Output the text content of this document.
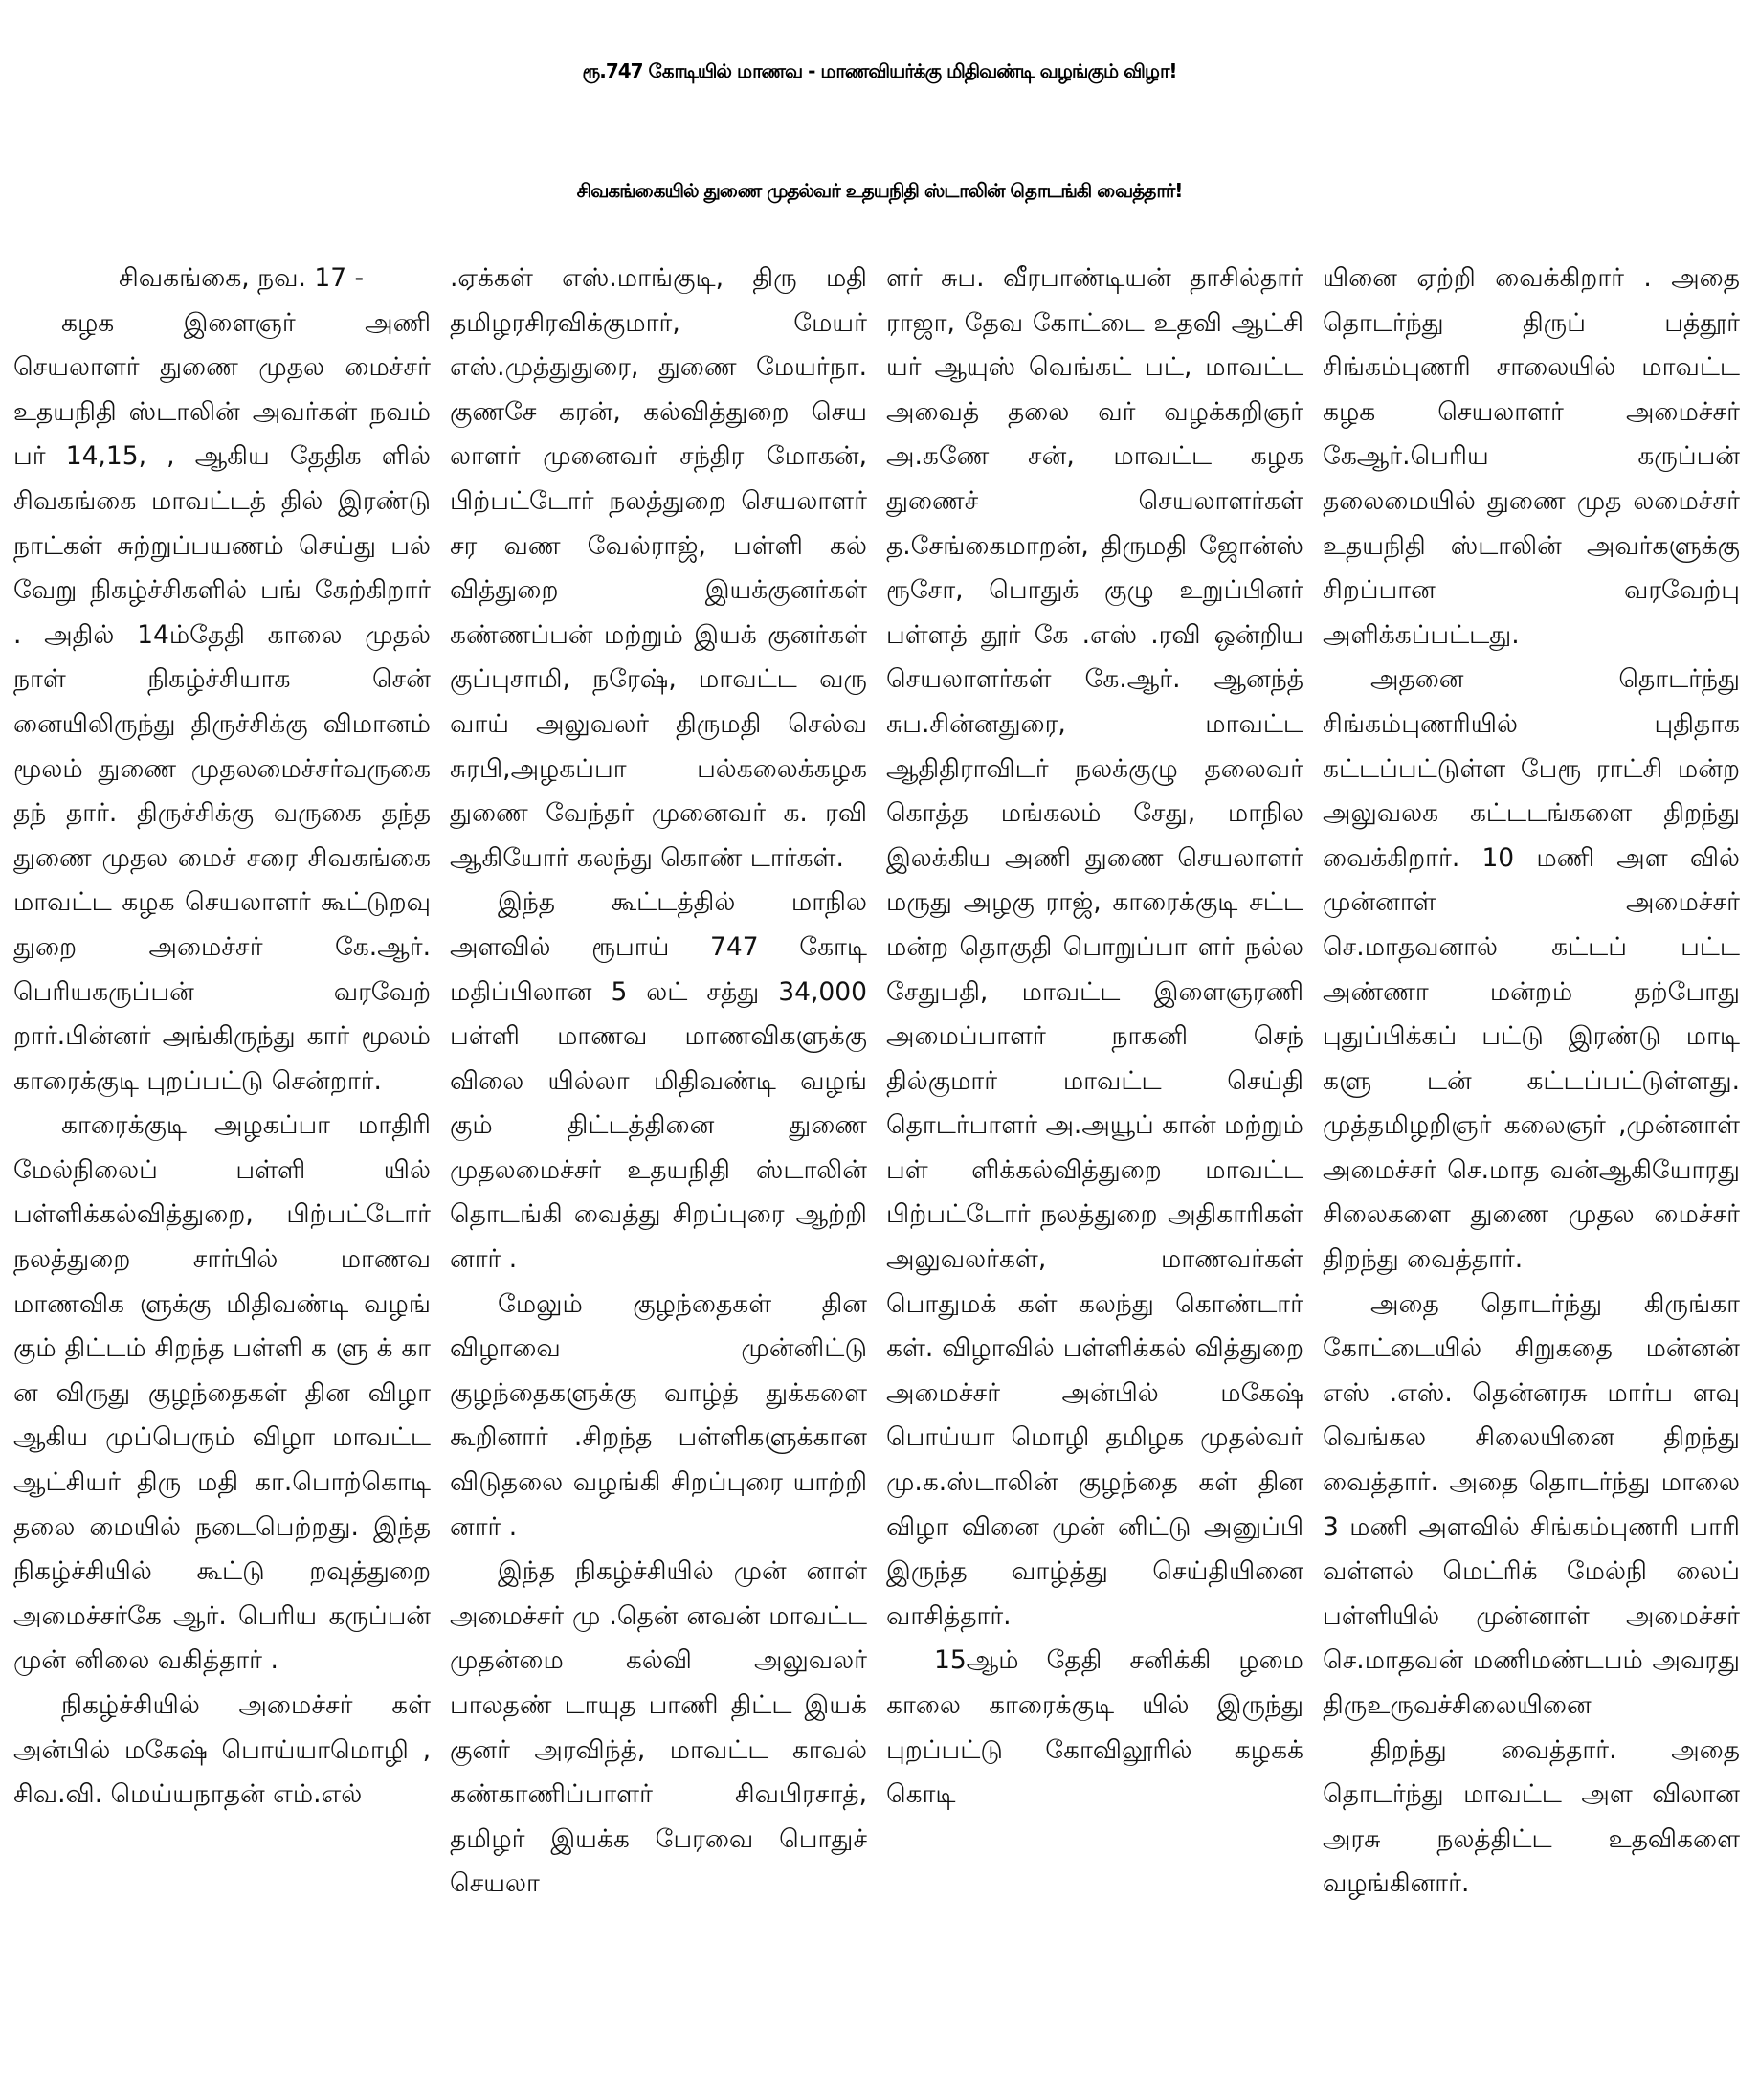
ரூ.747 கோடியில் மாணவ - மாணவியர்க்கு மிதிவண்டி வழங்கும் விழா!
சிவகங்கையில் துணை முதல்வர் உதயநிதி ஸ்டாலின் தொடங்கி வைத்தார்!

சிவகங்கை, நவ. 17 -

கழக இளைஞர் அணி செயலாளர் துணை முதல மைச்சர் உதயநிதி ஸ்டாலின் அவர்கள் நவம் பர் 14,15, , ஆகிய தேதிக ளில் சிவகங்கை மாவட்டத் தில் இரண்டு நாட்கள் சுற்றுப்பயணம் செய்து பல் வேறு நிகழ்ச்சிகளில் பங் கேற்கிறார் . அதில் 14ம்தேதி காலை முதல் நாள் நிகழ்ச்சியாக சென் னையிலிருந்து திருச்சிக்கு விமானம் மூலம் துணை முதலமைச்சர்வருகை தந் தார். திருச்சிக்கு வருகை தந்த துணை முதல மைச் சரை சிவகங்கை மாவட்ட கழக செயலாளர் கூட்டுறவு துறை அமைச்சர் கே.ஆர். பெரியகருப்பன் வரவேற் றார்.பின்னர் அங்கிருந்து கார் மூலம் காரைக்குடி புறப்பட்டு சென்றார்.

காரைக்குடி அழகப்பா மாதிரி மேல்நிலைப் பள்ளி யில் பள்ளிக்கல்வித்துறை, பிற்பட்டோர் நலத்துறை சார்பில் மாணவ மாணவிக ளுக்கு மிதிவண்டி வழங் கும் திட்டம் சிறந்த பள்ளி க ளு க் கா ன விருது குழந்தைகள் தின விழா ஆகிய முப்பெரும் விழா மாவட்ட ஆட்சியர் திரு மதி கா.பொற்கொடி தலை மையில் நடைபெற்றது. இந்த நிகழ்ச்சியில் கூட்டு றவுத்துறை அமைச்சர்கே ஆர். பெரிய கருப்பன் முன் னிலை வகித்தார் .

நிகழ்ச்சியில் அமைச்சர் கள் அன்பில் மகேஷ் பொய்யாமொழி , சிவ.வி. மெய்யநாதன் எம்.எல்

.ஏக்கள் எஸ்.மாங்குடி, திரு மதி தமிழரசிரவிக்குமார், மேயர் எஸ்.முத்துதுரை, துணை மேயர்நா. குணசே கரன், கல்வித்துறை செய லாளர் முனைவர் சந்திர மோகன், பிற்பட்டோர் நலத்துறை செயலாளர் சர வண வேல்ராஜ், பள்ளி கல் வித்துறை இயக்குனர்கள் கண்ணப்பன் மற்றும் இயக் குனர்கள் குப்புசாமி, நரேஷ், மாவட்ட வரு வாய் அலுவலர் திருமதி செல்வ சுரபி,அழகப்பா பல்கலைக்கழக துணை வேந்தர் முனைவர் க. ரவி ஆகியோர் கலந்து கொண் டார்கள்.

இந்த கூட்டத்தில் மாநில அளவில் ரூபாய் 747 கோடி மதிப்பிலான 5 லட் சத்து 34,000 பள்ளி மாணவ மாணவிகளுக்கு விலை யில்லா மிதிவண்டி வழங் கும் திட்டத்தினை துணை முதலமைச்சர் உதயநிதி ஸ்டாலின் தொடங்கி வைத்து சிறப்புரை ஆற்றி னார் .

மேலும் குழந்தைகள் தின விழாவை முன்னிட்டு குழந்தைகளுக்கு வாழ்த் துக்களை கூறினார் .சிறந்த பள்ளிகளுக்கான விடுதலை வழங்கி சிறப்புரை யாற்றி னார் .

இந்த நிகழ்ச்சியில் முன் னாள் அமைச்சர் மு .தென் னவன் மாவட்ட முதன்மை கல்வி அலுவலர் பாலதண் டாயுத பாணி திட்ட இயக் குனர் அரவிந்த், மாவட்ட காவல் கண்காணிப்பாளர் சிவபிரசாத், தமிழர் இயக்க பேரவை பொதுச் செயலா

ளர் சுப. வீரபாண்டியன் தாசில்தார் ராஜா, தேவ கோட்டை உதவி ஆட்சி யர் ஆயுஸ் வெங்கட் பட், மாவட்ட அவைத் தலை வர் வழக்கறிஞர் அ.கணே சன், மாவட்ட கழக துணைச் செயலாளர்கள் த.சேங்கைமாறன், திருமதி ஜோன்ஸ் ரூசோ, பொதுக் குழு உறுப்பினர் பள்ளத் தூர் கே .எஸ் .ரவி ஒன்றிய செயலாளர்கள் கே.ஆர். ஆனந்த் சுப.சின்னதுரை, மாவட்ட ஆதிதிராவிடர் நலக்குழு தலைவர் கொத்த மங்கலம் சேது, மாநில இலக்கிய அணி துணை செயலாளர் மருது அழகு ராஜ், காரைக்குடி சட்ட மன்ற தொகுதி பொறுப்பா ளர் நல்ல சேதுபதி, மாவட்ட இளைஞரணி அமைப்பாளர் நாகனி செந் தில்குமார் மாவட்ட செய்தி தொடர்பாளர் அ.அயூப் கான் மற்றும் பள் ளிக்கல்வித்துறை மாவட்ட பிற்பட்டோர் நலத்துறை அதிகாரிகள் அலுவலர்கள், மாணவர்கள் பொதுமக் கள் கலந்து கொண்டார் கள். விழாவில் பள்ளிக்கல் வித்துறை அமைச்சர் அன்பில் மகேஷ் பொய்யா மொழி தமிழக முதல்வர் மு.க.ஸ்டாலின் குழந்தை கள் தின விழா வினை முன் னிட்டு அனுப்பி இருந்த வாழ்த்து செய்தியினை வாசித்தார்.

15ஆம் தேதி சனிக்கி ழமை காலை காரைக்குடி யில் இருந்து புறப்பட்டு கோவிலூரில் கழகக் கொடி

யினை ஏற்றி வைக்கிறார் . அதை தொடர்ந்து திருப் பத்தூர் சிங்கம்புணரி சாலையில் மாவட்ட கழக செயலாளர் அமைச்சர் கேஆர்.பெரிய கருப்பன் தலைமையில் துணை முத லமைச்சர் உதயநிதி ஸ்டாலின் அவர்களுக்கு சிறப்பான வரவேற்பு அளிக்கப்பட்டது.

அதனை தொடர்ந்து சிங்கம்புணரியில் புதிதாக கட்டப்பட்டுள்ள பேரூ ராட்சி மன்ற அலுவலக கட்டடங்களை திறந்து வைக்கிறார். 10 மணி அள வில் முன்னாள் அமைச்சர் செ.மாதவனால் கட்டப் பட்ட அண்ணா மன்றம் தற்போது புதுப்பிக்கப் பட்டு இரண்டு மாடி களு டன் கட்டப்பட்டுள்ளது. முத்தமிழறிஞர் கலைஞர் ,முன்னாள் அமைச்சர் செ.மாத வன்ஆகியோரது சிலைகளை துணை முதல மைச்சர் திறந்து வைத்தார்.

அதை தொடர்ந்து கிருங்கா கோட்டையில் சிறுகதை மன்னன் எஸ் .எஸ். தென்னரசு மார்ப ளவு வெங்கல சிலையினை திறந்து வைத்தார். அதை தொடர்ந்து மாலை 3 மணி அளவில் சிங்கம்புணரி பாரி வள்ளல் மெட்ரிக் மேல்நி லைப் பள்ளியில் முன்னாள் அமைச்சர் செ.மாதவன் மணிமண்டபம் அவரது திருஉருவச்சிலையினை

திறந்து வைத்தார். அதை தொடர்ந்து மாவட்ட அள விலான அரசு நலத்திட்ட உதவிகளை வழங்கினார்.
